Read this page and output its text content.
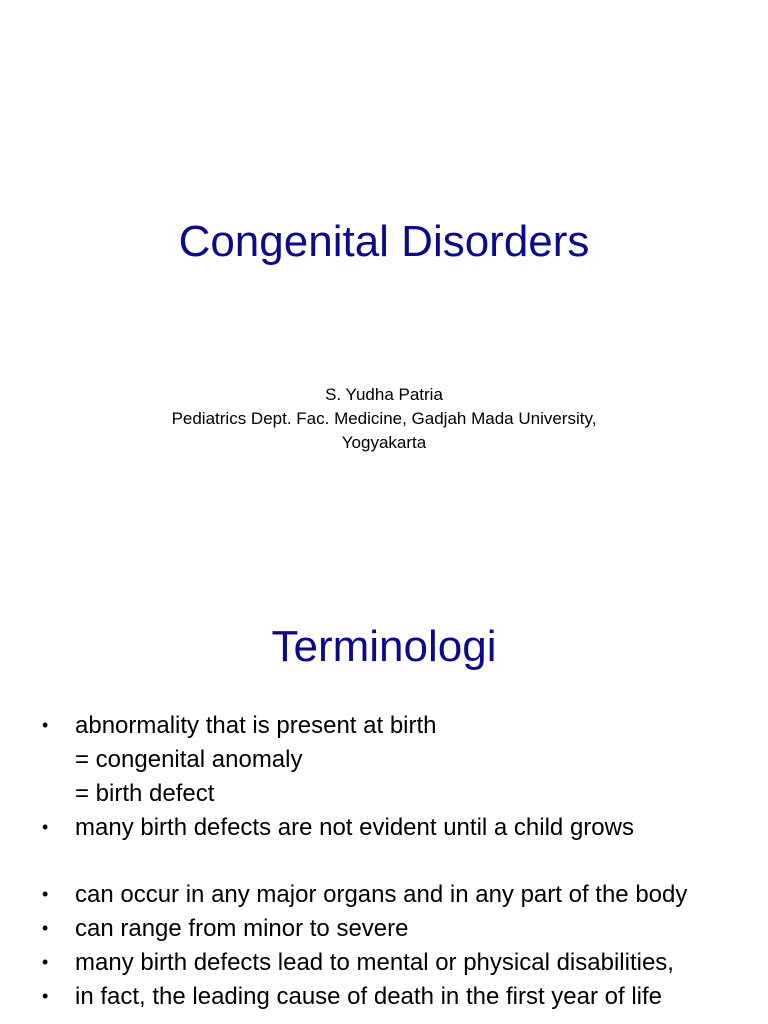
Congenital Disorders
S. Yudha Patria
Pediatrics Dept. Fac. Medicine, Gadjah Mada University,
Yogyakarta
Terminologi
•	abnormality that is present at birth
= congenital anomaly
= birth defect
•	many birth defects are not evident until a child grows
•	can occur in any major organs and in any part of the body
•	can range from minor to severe
•	many birth defects lead to mental or physical disabilities,
•	in fact, the leading cause of death in the first year of life
